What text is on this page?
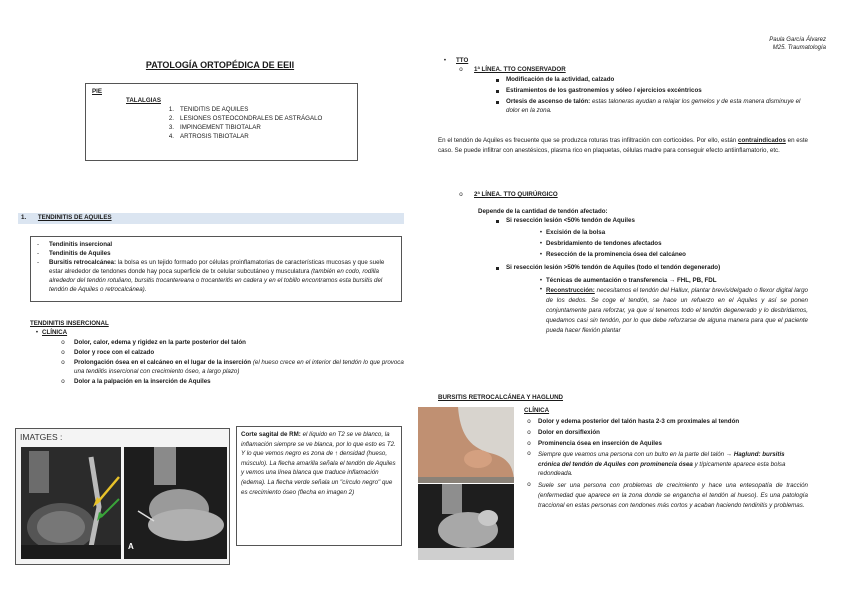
Paula García Álvarez
M25. Traumatología
PATOLOGÍA ORTOPÉDICA DE EEII
PIE
TALALGIAS
1. TENIDITIS DE AQUILES
2. LESIONES OSTEOCONDRALES DE ASTRÁGALO
3. IMPINGEMENT TIBIOTALAR
4. ARTROSIS TIBIOTALAR
1. TENDINITIS DE AQUILES
-	Tendinitis insercional
-	Tendinitis de Aquiles
-	Bursitis retrocalcánea: la bolsa es un tejido formado por células proinflamatorias de características mucosas y que suele estar alrededor de tendones donde hay poca superficie de tx celular subcutáneo y musculatura (también en codo, rodilla alrededor del tendón rotuliano, bursitis trocantereana o trocanteritis en cadera y en el tobillo encontramos esta bursitis del tendón de Aquiles o retrocalcánea).
TENDINITIS INSERCIONAL
•
CLÍNICA
o
Dolor, calor, edema y rigidez en la parte posterior del talón
o
Dolor y roce con el calzado
o
Prolongación ósea en el calcáneo en el lugar de la inserción (el hueso crece en el interior del tendón lo que provoca una tendiitis insercional con crecimiento óseo, a largo plazo)
o
Dolor a la palpación en la inserción de Aquiles
IMATGES :
A
Corte sagital de RM: el líquido en T2 se ve blanco, la inflamación siempre se ve blanca, por lo que esto es T2. Y lo que vemos negro es zona de ↑ densidad (hueso, músculo). La flecha amarilla señala el tendón de Aquiles y vemos una línea blanca que traduce inflamación (edema). La flecha verde señala un "círculo negro" que es crecimiento óseo (flecha en imagen 2)
•
TTO
o
1ª LÍNEA. TTO CONSERVADOR
Modificación de la actividad, calzado
Estiramientos de los gastronemios y sóleo / ejercicios excéntricos
Ortesis de ascenso de talón: estas taloneras ayudan a relajar los gemelos y de esta manera disminuye el dolor en la zona.
En el tendón de Aquiles es frecuente que se produzca roturas tras infiltración con corticoides. Por ello, están contraindicados en este caso. Se puede infiltrar con anestésicos, plasma rico en plaquetas, células madre para conseguir efecto antiinflamatorio, etc.
o
2ª LÍNEA. TTO QUIRÚRGICO
Depende de la cantidad de tendón afectado:
Si resección lesión <50% tendón de Aquiles
•
Excisión de la bolsa
•
Desbridamiento de tendones afectados
•
Resección de la prominencia ósea del calcáneo
Si resección lesión >50% tendón de Aquiles (todo el tendón degenerado)
•
Técnicas de aumentación o transferencia → FHL, PB, FDL
•
Reconstrucción: necesitamos el tendón del Hallux, plantar brevis/delgado o flexor digital largo de los dedos. Se coge el tendón, se hace un refuerzo en el Aquiles y así se ponen conjuntamente para reforzar, ya que si tenemos todo el tendón degenerado y lo desbridamos, quedamos casi sin tendón, por lo que debe reforzarse de alguna manera para que el paciente pueda hacer flexión plantar
BURSITIS RETROCALCÁNEA Y HAGLUND
CLÍNICA
o
Dolor y edema posterior del talón hasta 2-3 cm proximales al tendón
o
Dolor en dorsiflexión
o
Prominencia ósea en inserción de Aquiles
o
Siempre que veamos una persona con un bulto en la parte del talón → Haglund: bursitis crónica del tendón de Aquiles con prominencia ósea y típicamente aparece esta bolsa redondeada.
o
Suele ser una persona con problemas de crecimiento y hace una entesopatía de tracción (enfermedad que aparece en la zona donde se engancha el tendón al hueso). Es una patología traccional en estas personas con tendones más cortos y acaban haciendo tendinitis y problemas.
